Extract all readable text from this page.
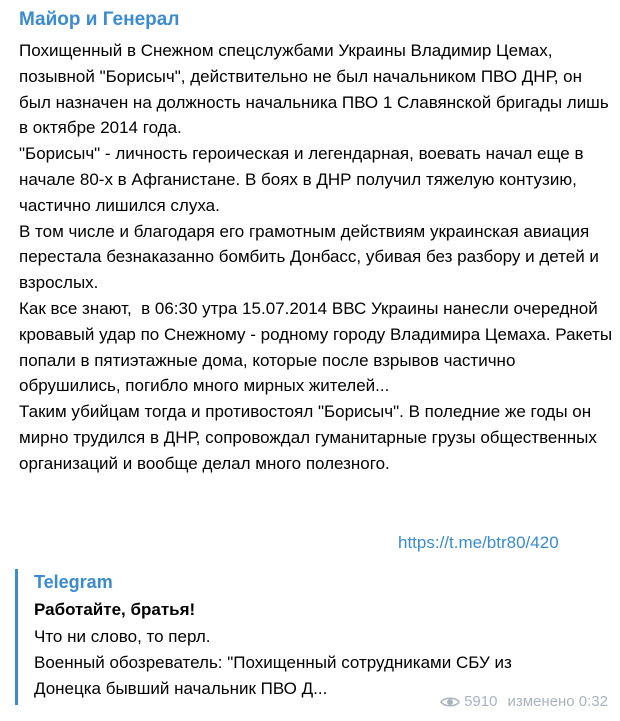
Майор и Генерал
Похищенный в Снежном спецслужбами Украины Владимир Цемах, позывной "Борисыч", действительно не был начальником ПВО ДНР, он был назначен на должность начальника ПВО 1 Славянской бригады лишь в октябре 2014 года.
"Борисыч" - личность героическая и легендарная, воевать начал еще в начале 80-х в Афганистане. В боях в ДНР получил тяжелую контузию, частично лишился слуха.
В том числе и благодаря его грамотным действиям украинская авиация перестала безнаказанно бомбить Донбасс, убивая без разбору и детей и взрослых.
Как все знают,  в 06:30 утра 15.07.2014 ВВС Украины нанесли очередной кровавый удар по Снежному - родному городу Владимира Цемаха. Ракеты попали в пятиэтажные дома, которые после взрывов частично обрушились, погибло много мирных жителей...
Таким убийцам тогда и противостоял "Борисыч". В поледние же годы он мирно трудился в ДНР, сопровождал гуманитарные грузы общественных организаций и вообще делал много полезного.
https://t.me/btr80/420
Telegram
Работайте, братья!
Что ни слово, то перл.
Военный обозреватель: "Похищенный сотрудниками СБУ из
Донецка бывший начальник ПВО Д...
5910 изменено 0:32
